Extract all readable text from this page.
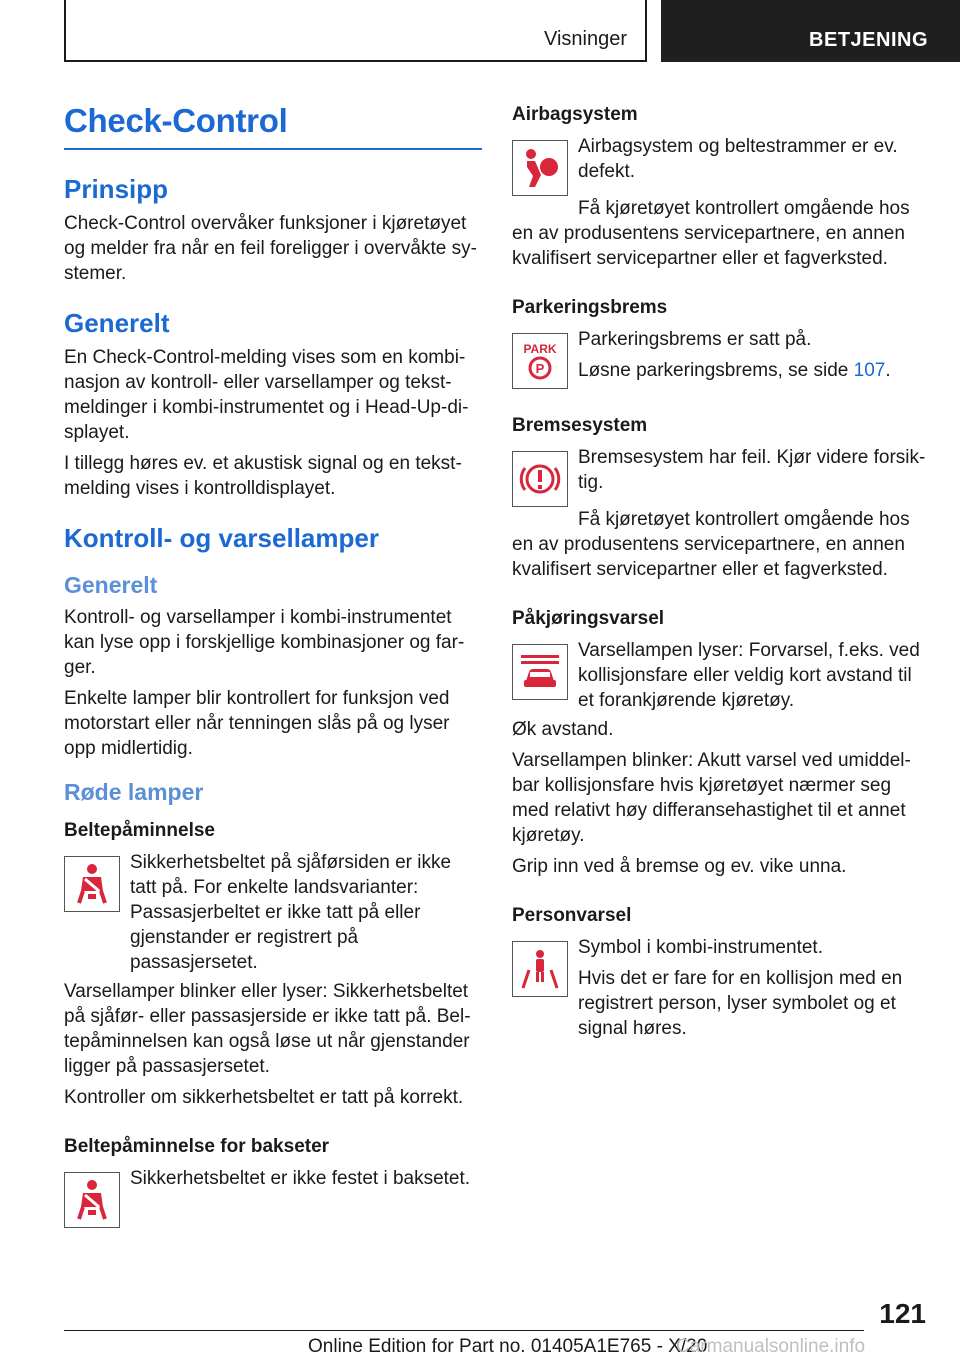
Visninger	BETJENING
Check-Control
Prinsipp
Check-Control overvåker funksjoner i kjøretøyet og melder fra når en feil foreligger i overvåkte systemer.
Generelt
En Check-Control-melding vises som en kombinasjon av kontroll- eller varsellamper og tekstmeldinger i kombi-instrumentet og i Head-Up-displayet.
I tillegg høres ev. et akustisk signal og en tekstmelding vises i kontrolldisplayet.
Kontroll- og varsellamper
Generelt
Kontroll- og varsellamper i kombi-instrumentet kan lyse opp i forskjellige kombinasjoner og farger.
Enkelte lamper blir kontrollert for funksjon ved motorstart eller når tenningen slås på og lyser opp midlertidig.
Røde lamper
Beltepåminnelse
Sikkerhetsbeltet på sjåførsiden er ikke tatt på. For enkelte landsvarianter: Passasjerbeltet er ikke tatt på eller gjenstander er registrert på passasjersetet.
Varsellamper blinker eller lyser: Sikkerhetsbeltet på sjåfør- eller passasjerside er ikke tatt på. Beltepåminnelsen kan også løse ut når gjenstander ligger på passasjersetet.
Kontroller om sikkerhetsbeltet er tatt på korrekt.
Beltepåminnelse for bakseter
Sikkerhetsbeltet er ikke festet i baksetet.
Airbagsystem
Airbagsystem og beltestrammer er ev. defekt.
Få kjøretøyet kontrollert omgående hos en av produsentens servicepartnere, en annen kvalifisert servicepartner eller et fagverksted.
Parkeringsbrems
PARK
P
Parkeringsbrems er satt på.
Løsne parkeringsbrems, se side 107.
Bremsesystem
Bremsesystem har feil. Kjør videre forsiktig.
Få kjøretøyet kontrollert omgående hos en av produsentens servicepartnere, en annen kvalifisert servicepartner eller et fagverksted.
Påkjøringsvarsel
Varsellampen lyser: Forvarsel, f.eks. ved kollisjonsfare eller veldig kort avstand til et forankjørende kjøretøy.
Øk avstand.
Varsellampen blinker: Akutt varsel ved umiddelbar kollisjonsfare hvis kjøretøyet nærmer seg med relativt høy differansehastighet til et annet kjøretøy.
Grip inn ved å bremse og ev. vike unna.
Personvarsel
Symbol i kombi-instrumentet.
Hvis det er fare for en kollisjon med en registrert person, lyser symbolet og et signal høres.
121
Online Edition for Part no. 01405A1E765 - X/20
Carmanualsonline.info
